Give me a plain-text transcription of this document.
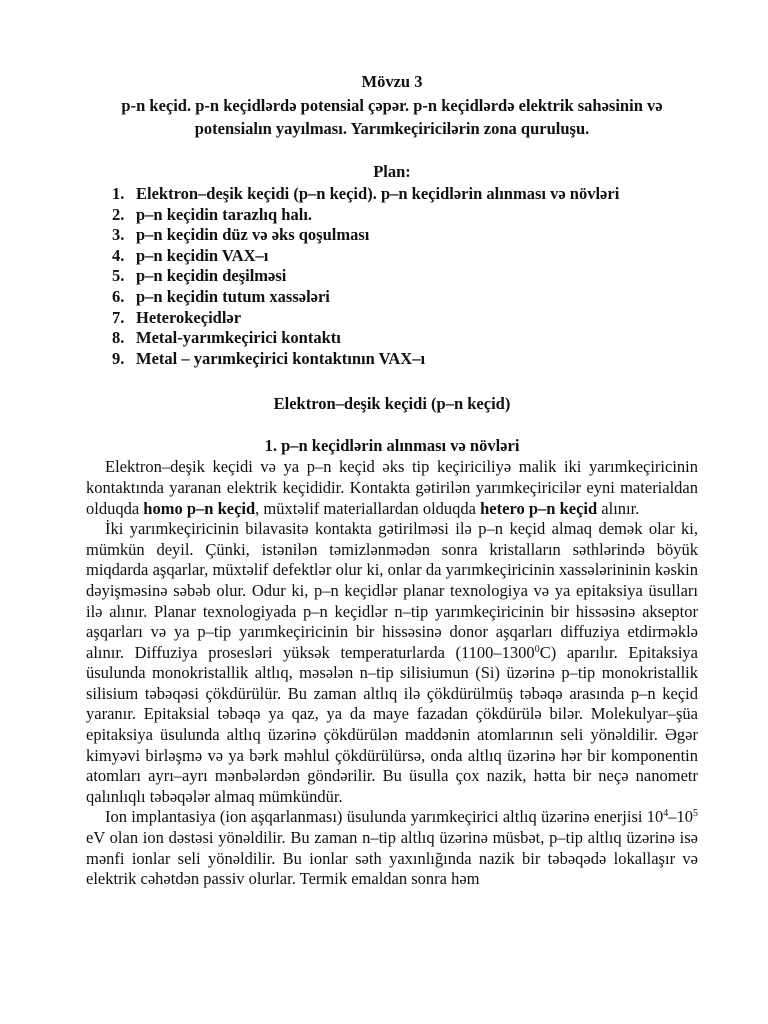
Mövzu 3
p-n keçid. p-n keçidlərdə potensial çəpər. p-n keçidlərdə elektrik sahəsinin və potensialın yayılması. Yarımkeçiricilərin zona quruluşu.
Plan:
1. Elektron–deşik keçidi (p–n keçid). p–n keçidlərin alınması və növləri
2. p–n keçidin tarazlıq halı.
3. p–n keçidin düz və əks qoşulması
4. p–n keçidin VAX–ı
5. p–n keçidin deşilməsi
6. p–n keçidin tutum xassələri
7. Heterokeçidlər
8. Metal-yarımkeçirici kontaktı
9. Metal – yarımkeçirici kontaktının VAX–ı
Elektron–deşik keçidi (p–n keçid)
1. p–n keçidlərin alınması və növləri

Elektron–deşik keçidi və ya p–n keçid əks tip keçiriciliyə malik iki yarımkeçiricinin kontaktında yaranan elektrik keçididir. Kontakta gətirilən yarımkeçiricilər eyni materialdan olduqda homo p–n keçid, müxtəlif materiallardan olduqda hetero p–n keçid alınır.

İki yarımkeçiricinin bilavasitə kontakta gətirilməsi ilə p–n keçid almaq demək olar ki, mümkün deyil. Çünki, istənilən təmizlənmədən sonra kristalların səthlərində böyük miqdarda aşqarlar, müxtəlif defektlər olur ki, onlar da yarımkeçiricinin xassələrininin kəskin dəyişməsinə səbəb olur. Odur ki, p–n keçidlər planar texnologiya və ya epitaksiya üsulları ilə alınır. Planar texnologiyada p–n keçidlər n–tip yarımkeçiricinin bir hissəsinə akseptor aşqarları və ya p–tip yarımkeçiricinin bir hissəsinə donor aşqarları diffuziya etdirməklə alınır. Diffuziya prosesləri yüksək temperaturlarda (1100–1300$^0$C) aparılır. Epitaksiya üsulunda monokristallik altlıq, məsələn n–tip silisiumun (Si) üzərinə p–tip monokristallik silisium təbəqəsi çökdürülür. Bu zaman altlıq ilə çökdürülmüş təbəqə arasında p–n keçid yaranır. Epitaksial təbəqə ya qaz, ya da maye fazadan çökdürülə bilər. Molekulyar–şüa epitaksiya üsulunda altlıq üzərinə çökdürülən maddənin atomlarının seli yönəldilir. Əgər kimyəvi birləşmə və ya bərk məhlul çökdürülürsə, onda altlıq üzərinə hər bir komponentin atomları ayrı–ayrı mənbələrdən göndərilir. Bu üsulla çox nazik, hətta bir neçə nanometr qalınlıqlı təbəqələr almaq mümkündür.

Ion implantasiya (ion aşqarlanması) üsulunda yarımkeçirici altlıq üzərinə enerjisi $10^4-10^5$ eV olan ion dəstəsi yönəldilir. Bu zaman n–tip altlıq üzərinə müsbət, p–tip altlıq üzərinə isə mənfi ionlar seli yönəldilir. Bu ionlar səth yaxınlığında nazik bir təbəqədə lokallaşır və elektrik cəhətdən passiv olurlar. Termik emaldan sonra həm
